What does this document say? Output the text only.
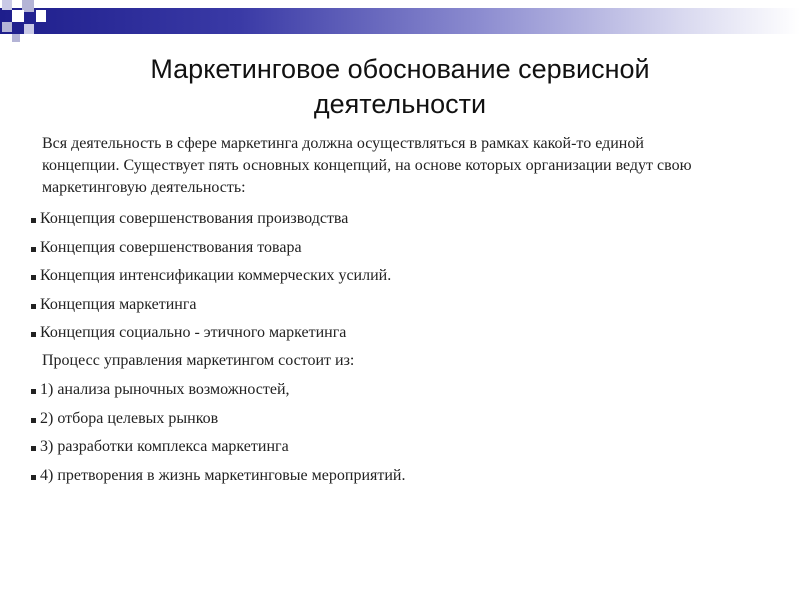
Маркетинговое обоснование сервисной
деятельности
Вся деятельность в сфере маркетинга должна осуществляться в рамках какой-то единой концепции. Существует пять основных концепций, на основе которых организации ведут свою маркетинговую деятельность:
Концепция совершенствования производства
Концепция совершенствования товара
Концепция интенсификации коммерческих усилий.
Концепция маркетинга
Концепция социально - этичного маркетинга
Процесс управления маркетингом состоит из:
1) анализа рыночных возможностей,
2) отбора целевых рынков
3) разработки комплекса маркетинга
4) претворения в жизнь маркетинговые мероприятий.
